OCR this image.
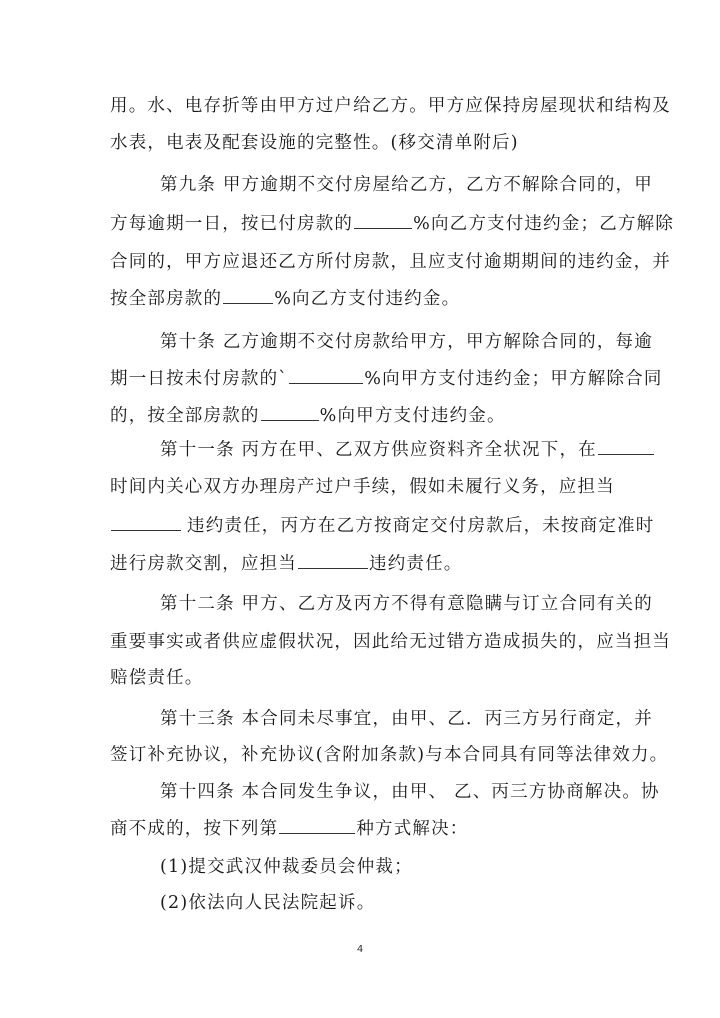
用。水、电存折等由甲方过户给乙方。甲方应保持房屋现状和结构及
水表，电表及配套设施的完整性。(移交清单附后)
第九条 甲方逾期不交付房屋给乙方，乙方不解除合同的，甲
方每逾期一日，按已付房款的	%向乙方支付违约金；乙方解除
合同的，甲方应退还乙方所付房款，且应支付逾期期间的违约金，并
按全部房款的	%向乙方支付违约金。
第十条 乙方逾期不交付房款给甲方，甲方解除合同的，每逾
期一日按未付房款的`	%向甲方支付违约金；甲方解除合同
的，按全部房款的	%向甲方支付违约金。
第十一条 丙方在甲、乙双方供应资料齐全状况下，在
时间内关心双方办理房产过户手续，假如未履行义务，应担当
违约责任，丙方在乙方按商定交付房款后，未按商定准时
进行房款交割，应担当	违约责任。
第十二条 甲方、乙方及丙方不得有意隐瞒与订立合同有关的
重要事实或者供应虚假状况，因此给无过错方造成损失的，应当担当
赔偿责任。
第十三条 本合同未尽事宜，由甲、乙．丙三方另行商定，并
签订补充协议，补充协议(含附加条款)与本合同具有同等法律效力。
第十四条 本合同发生争议，由甲、 乙、丙三方协商解决。协
商不成的，按下列第	种方式解决：
(1)提交武汉仲裁委员会仲裁；
(2)依法向人民法院起诉。
4
